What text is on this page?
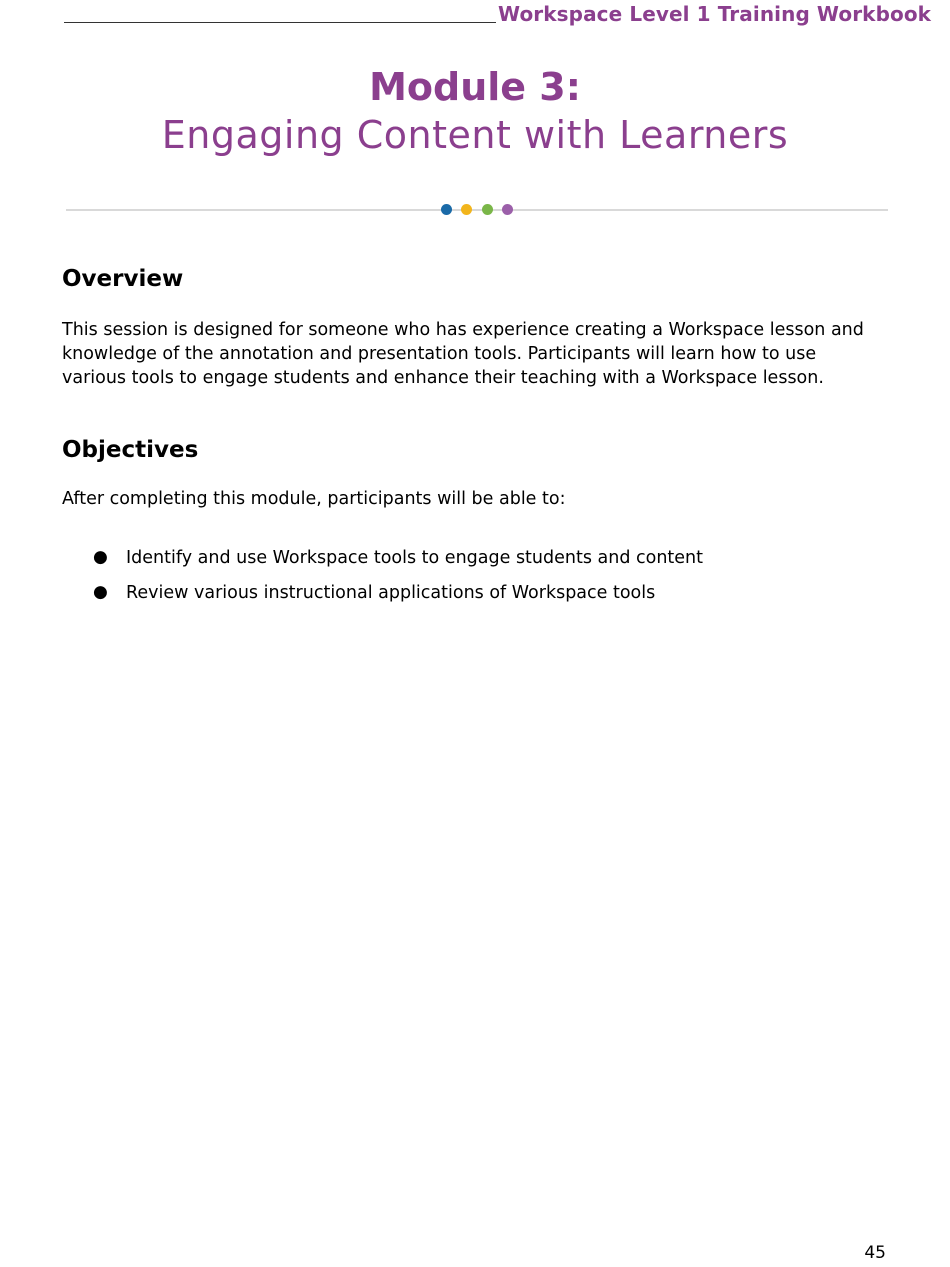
Workspace Level 1 Training Workbook
Module 3:
Engaging Content with Learners
Overview
This session is designed for someone who has experience creating a Workspace lesson and knowledge of the annotation and presentation tools. Participants will learn how to use various tools to engage students and enhance their teaching with a Workspace lesson.
Objectives
After completing this module, participants will be able to:
● Identify and use Workspace tools to engage students and content
● Review various instructional applications of Workspace tools
45
